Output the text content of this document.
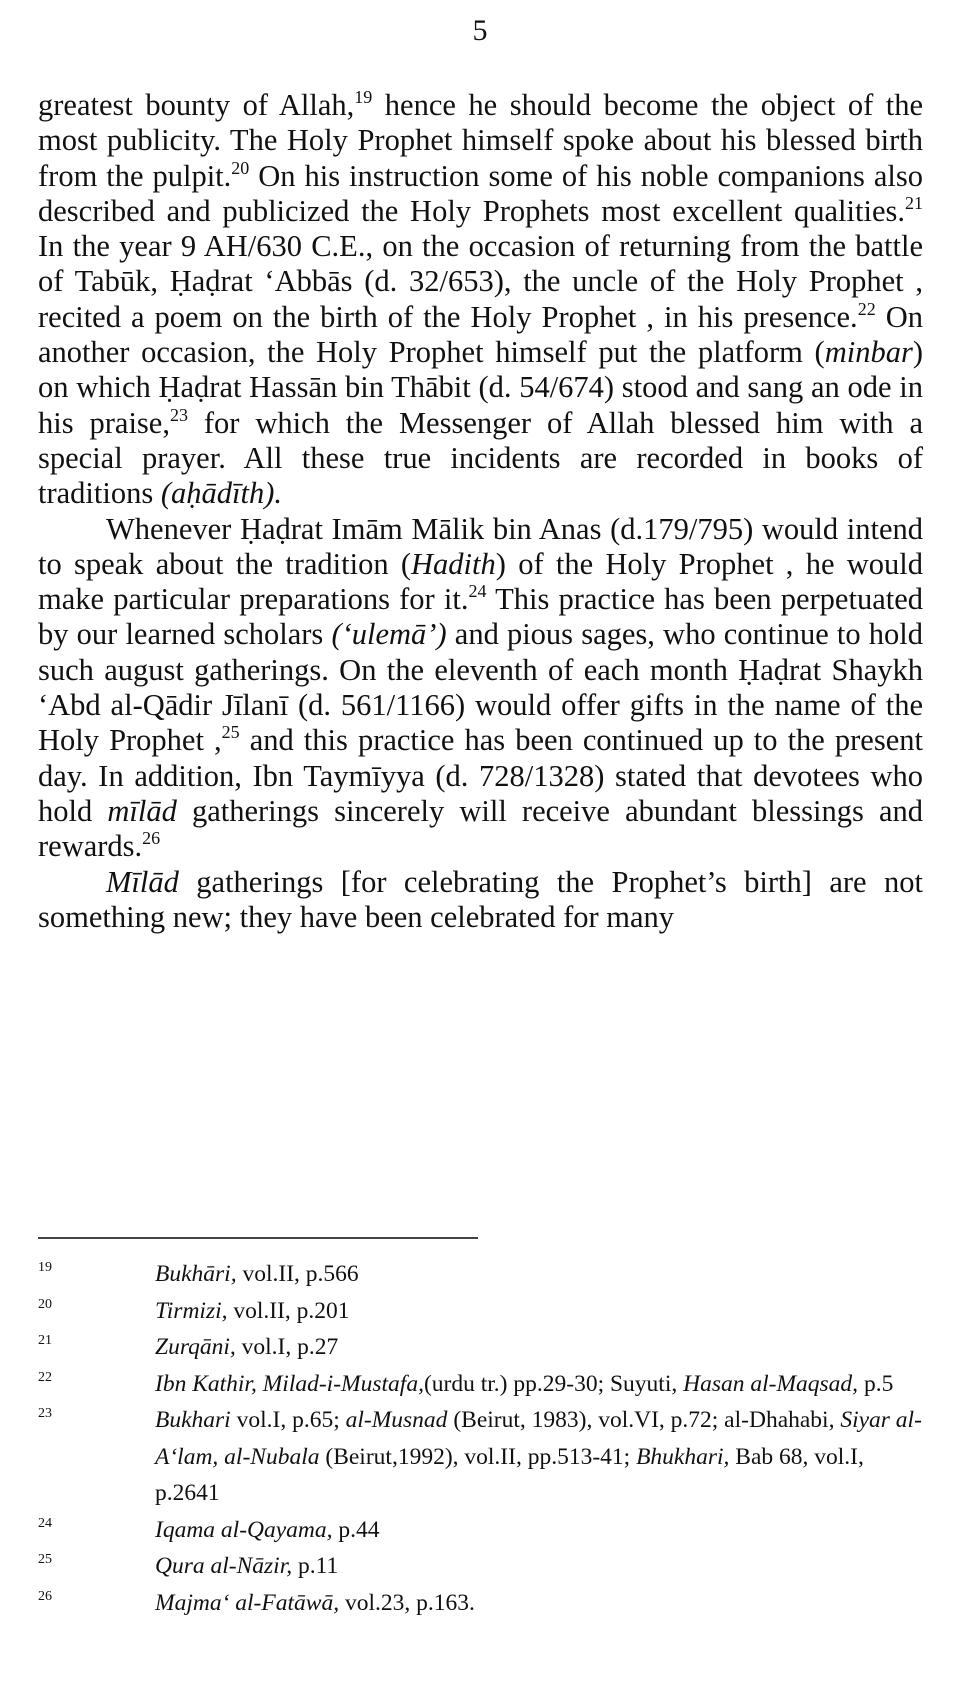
5

greatest bounty of Allah,$^{19}$ hence he should become the object of the most publicity. The Holy Prophet himself spoke about his blessed birth from the pulpit.$^{20}$ On his instruction some of his noble companions also described and publicized the Holy Prophets most excellent qualities.$^{21}$ In the year 9 AH/630 C.E., on the occasion of returning from the battle of Tabūk, Ḥaḍrat ‘Abbās (d. 32/653), the uncle of the Holy Prophet , recited a poem on the birth of the Holy Prophet , in his presence.$^{22}$ On another occasion, the Holy Prophet himself put the platform (minbar) on which Ḥaḍrat Hassān bin Thābit (d. 54/674) stood and sang an ode in his praise,$^{23}$ for which the Messenger of Allah blessed him with a special prayer. All these true incidents are recorded in books of traditions (aḥādīth).

Whenever Ḥaḍrat Imām Mālik bin Anas (d.179/795) would intend to speak about the tradition (Hadith) of the Holy Prophet , he would make particular preparations for it.$^{24}$ This practice has been perpetuated by our learned scholars (‘ulemā’) and pious sages, who continue to hold such august gatherings. On the eleventh of each month Ḥaḍrat Shaykh ‘Abd al-Qādir Jīlanī (d. 561/1166) would offer gifts in the name of the Holy Prophet ,$^{25}$ and this practice has been continued up to the present day. In addition, Ibn Taymīyya (d. 728/1328) stated that devotees who hold mīlād gatherings sincerely will receive abundant blessings and rewards.$^{26}$

Mīlād gatherings [for celebrating the Prophet’s birth] are not something new; they have been celebrated for many

19	Bukhāri, vol.II, p.566
20	Tirmizi, vol.II, p.201
21	Zurqāni, vol.I, p.27
22	Ibn Kathir, Milad-i-Mustafa,(urdu tr.) pp.29-30; Suyuti, Hasan al-Maqsad, p.5
23	Bukhari vol.I, p.65; al-Musnad (Beirut, 1983), vol.VI, p.72; al-Dhahabi, Siyar al-A‘lam, al-Nubala (Beirut,1992), vol.II, pp.513-41; Bhukhari, Bab 68, vol.I, p.2641
24	Iqama al-Qayama, p.44
25	Qura al-Nāzir, p.11
26	Majma‘ al-Fatāwā, vol.23, p.163.
